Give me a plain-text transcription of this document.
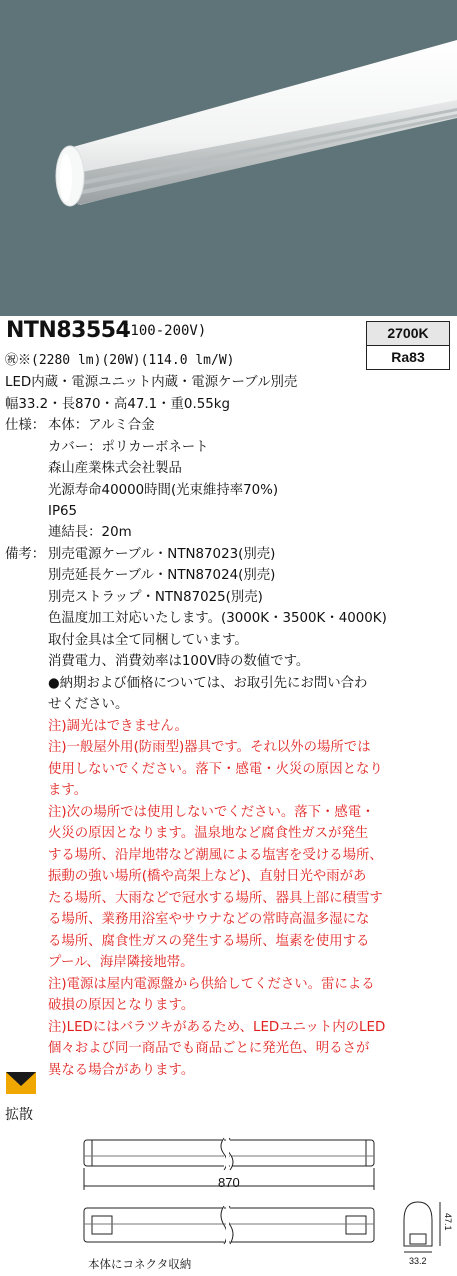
NTN83554
(100-200V)	2700K
Ra83
㊗※(2280 lm)(20W)(114.0 lm/W)
LED内蔵・電源ユニット内蔵・電源ケーブル別売
幅33.2・長870・高47.1・重0.55kg
仕様： 本体：アルミ合金
カバー：ポリカーボネート
森山産業株式会社製品
光源寿命40000時間(光束維持率70%)
IP65
連結長：20m
備考： 別売電源ケーブル・NTN87023(別売)
別売延長ケーブル・NTN87024(別売)
別売ストラップ・NTN87025(別売)
色温度加工対応いたします。(3000K・3500K・4000K)
取付金具は全て同梱しています。
消費電力、消費効率は100V時の数値です。
●納期および価格については、お取引先にお問い合わ
せください。
注)調光はできません。
注)一般屋外用(防雨型)器具です。それ以外の場所では
使用しないでください。落下・感電・火災の原因となり
ます。
注)次の場所では使用しないでください。落下・感電・
火災の原因となります。温泉地など腐食性ガスが発生
する場所、沿岸地帯など潮風による塩害を受ける場所、
振動の強い場所(橋や高架上など)、直射日光や雨があ
たる場所、大雨などで冠水する場所、器具上部に積雪す
る場所、業務用浴室やサウナなどの常時高温多湿にな
る場所、腐食性ガスの発生する場所、塩素を使用する
プール、海岸隣接地帯。
注)電源は屋内電源盤から供給してください。雷による
破損の原因となります。
注)LEDにはバラツキがあるため、LEDユニット内のLED
個々および同一商品でも商品ごとに発光色、明るさが
異なる場合があります。
拡散
870
本体にコネクタ収納
47.1
33.2
